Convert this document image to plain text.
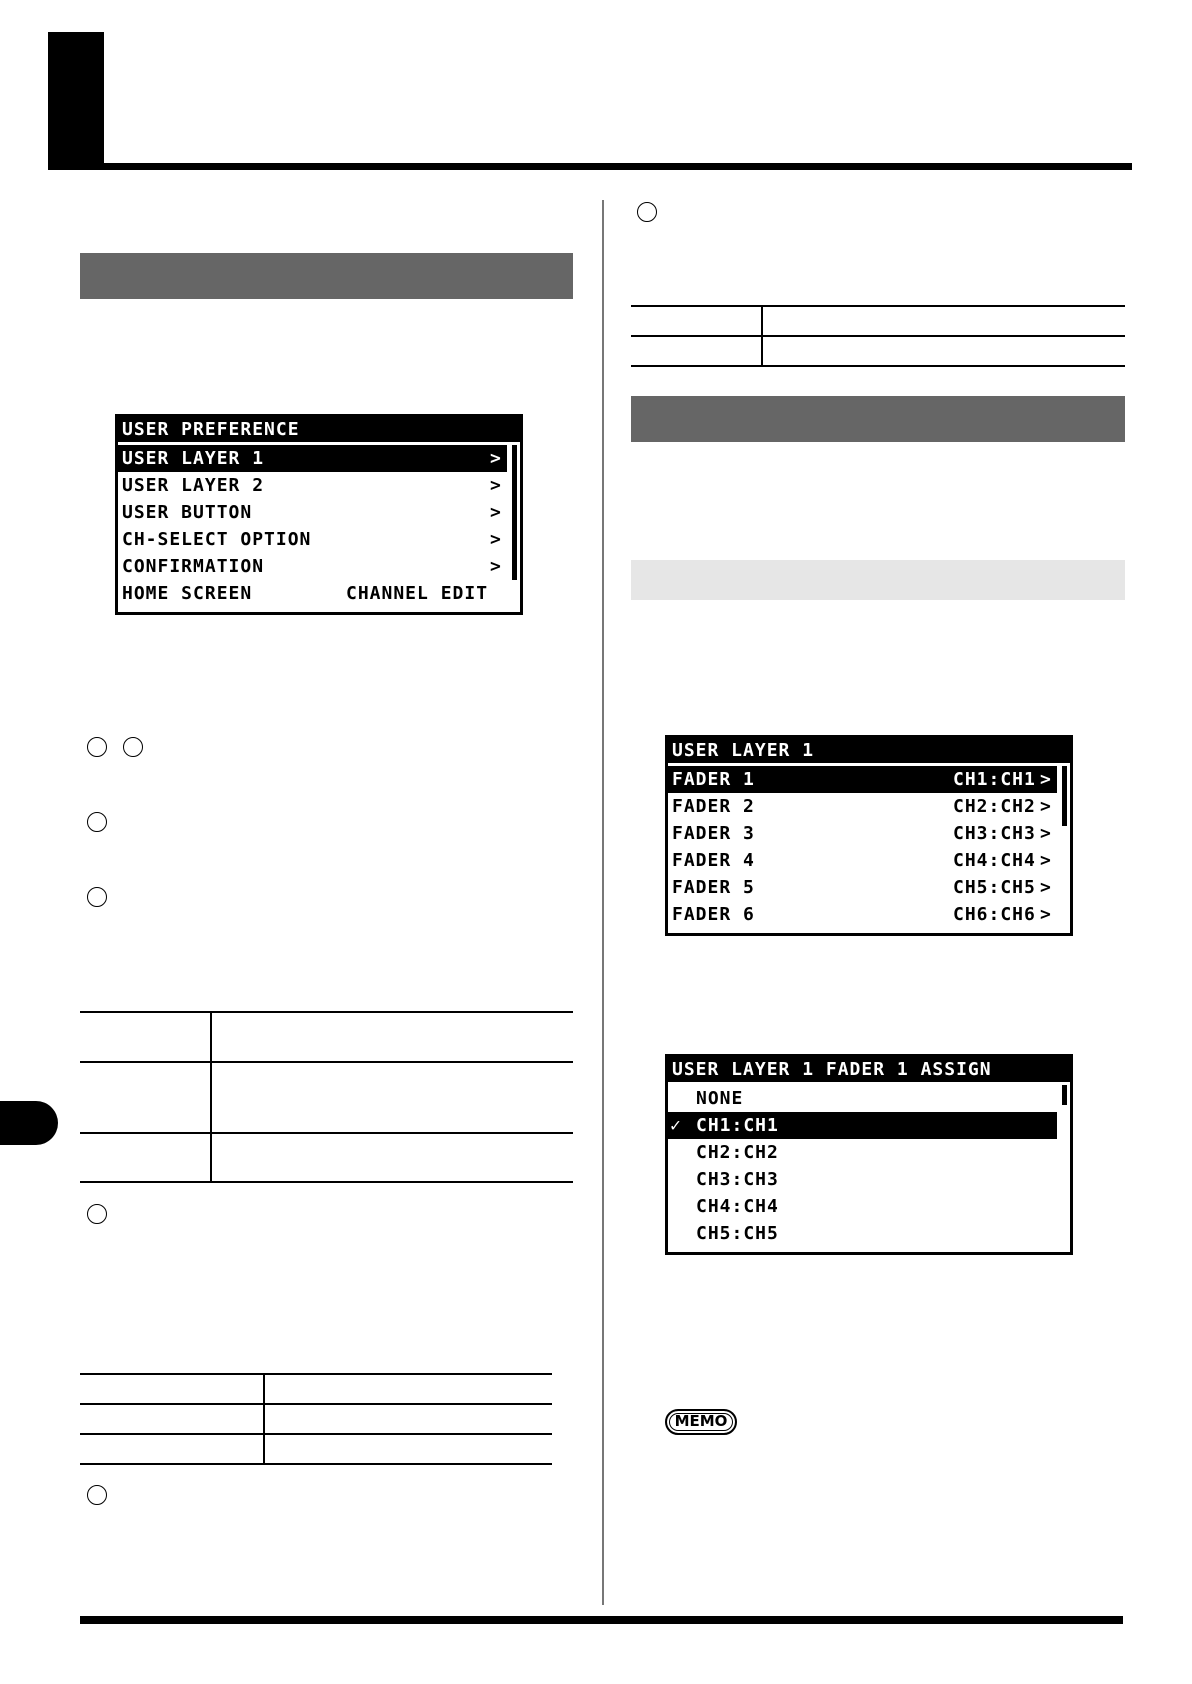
USER PREFERENCE
USER LAYER 1	>
USER LAYER 2	>
USER BUTTON	>
CH-SELECT OPTION	>
CONFIRMATION	>
HOME SCREEN	CHANNEL EDIT
USER LAYER 1
FADER 1	CH1:CH1 >
FADER 2	CH2:CH2 >
FADER 3	CH3:CH3 >
FADER 4	CH4:CH4 >
FADER 5	CH5:CH5 >
FADER 6	CH6:CH6 >
USER LAYER 1 FADER 1 ASSIGN
NONE
✓ CH1:CH1
CH2:CH2
CH3:CH3
CH4:CH4
CH5:CH5
MEMO
